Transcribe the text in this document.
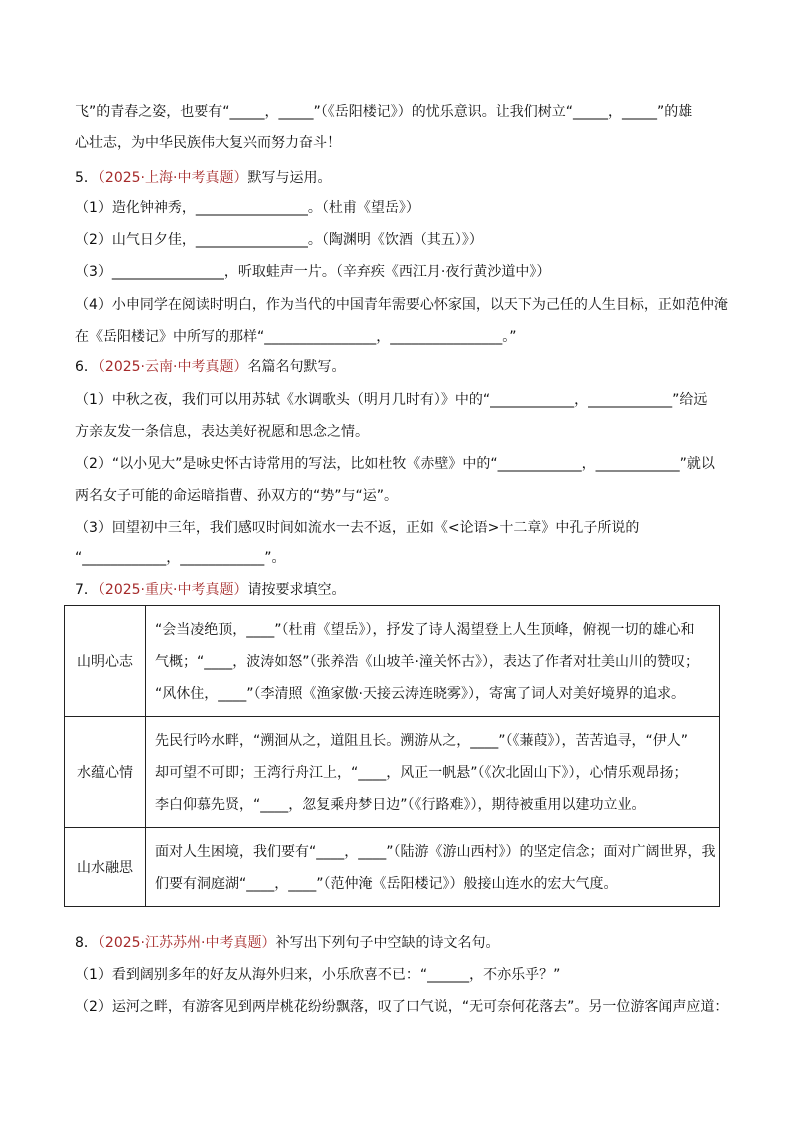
飞”的青春之姿，也要有“_____，_____”（《岳阳楼记》）的忧乐意识。让我们树立“_____，_____”的雄
心壮志，为中华民族伟大复兴而努力奋斗！
5．（2025·上海·中考真题）默写与运用。
（1）造化钟神秀，________________。（杜甫《望岳》）
（2）山气日夕佳，________________。（陶渊明《饮酒（其五）》）
（3）________________，听取蛙声一片。（辛弃疾《西江月·夜行黄沙道中》）
（4）小申同学在阅读时明白，作为当代的中国青年需要心怀家国，以天下为己任的人生目标，正如范仲淹
在《岳阳楼记》中所写的那样“________________，________________。”
6．（2025·云南·中考真题）名篇名句默写。
（1）中秋之夜，我们可以用苏轼《水调歌头（明月几时有）》中的“____________，____________”给远
方亲友发一条信息，表达美好祝愿和思念之情。
（2）“以小见大”是咏史怀古诗常用的写法，比如杜牧《赤壁》中的“____________，____________”就以
两名女子可能的命运暗指曹、孙双方的“势”与“运”。
（3）回望初中三年，我们感叹时间如流水一去不返，正如《<论语>十二章》中孔子所说的
“____________，____________”。
7．（2025·重庆·中考真题）请按要求填空。
山明心志	“会当凌绝顶，____”（杜甫《望岳》），抒发了诗人渴望登上人生顶峰，俯视一切的雄心和
气概；“____，波涛如怒”（张养浩《山坡羊·潼关怀古》），表达了作者对壮美山川的赞叹；
“风休住，____”（李清照《渔家傲·天接云涛连晓雾》），寄寓了词人对美好境界的追求。

水蕴心情	先民行吟水畔，“溯洄从之，道阻且长。溯游从之，____”（《蒹葭》），苦苦追寻，“伊人”
却可望不可即；王湾行舟江上，“____，风正一帆悬”（《次北固山下》），心情乐观昂扬；
李白仰慕先贤，“____，忽复乘舟梦日边”（《行路难》），期待被重用以建功立业。

山水融思	面对人生困境，我们要有“____，____”（陆游《游山西村》）的坚定信念；面对广阔世界，我
们要有洞庭湖“____，____”（范仲淹《岳阳楼记》）般接山连水的宏大气度。
8．（2025·江苏苏州·中考真题）补写出下列句子中空缺的诗文名句。
（1）看到阔别多年的好友从海外归来，小乐欣喜不已：“______，不亦乐乎？”
（2）运河之畔，有游客见到两岸桃花纷纷飘落，叹了口气说，“无可奈何花落去”。另一位游客闻声应道：
